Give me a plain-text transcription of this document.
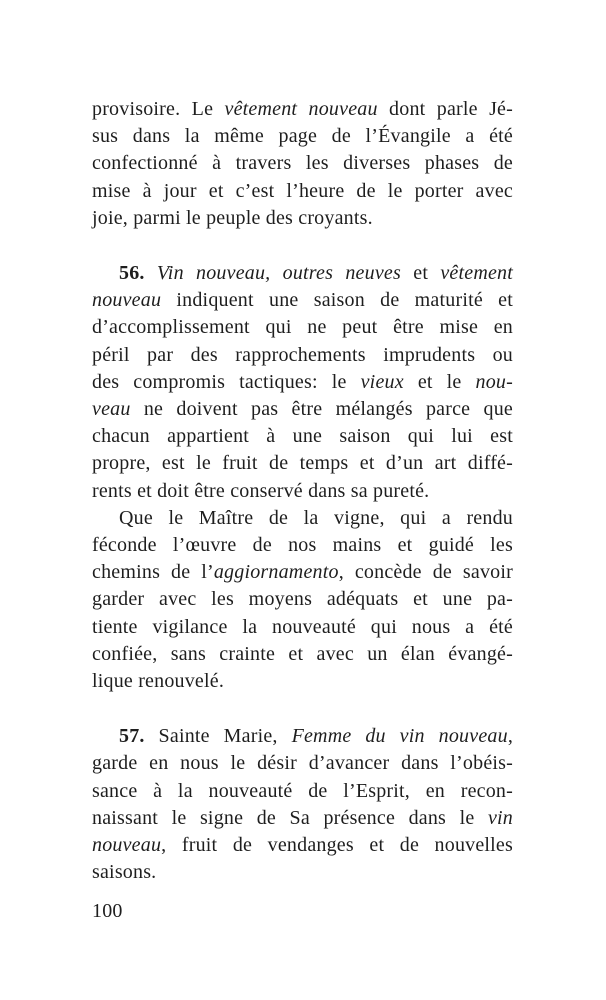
provisoire. Le vêtement nouveau dont parle Jé-
sus dans la même page de l’Évangile a été
confectionné à travers les diverses phases de
mise à jour et c’est l’heure de le porter avec
joie, parmi le peuple des croyants.
56. Vin nouveau, outres neuves et vêtement
nouveau indiquent une saison de maturité et
d’accomplissement qui ne peut être mise en
péril par des rapprochements imprudents ou
des compromis tactiques: le vieux et le nou-
veau ne doivent pas être mélangés parce que
chacun appartient à une saison qui lui est
propre, est le fruit de temps et d’un art diffé-
rents et doit être conservé dans sa pureté.
Que le Maître de la vigne, qui a rendu
féconde l’œuvre de nos mains et guidé les
chemins de l’aggiornamento, concède de savoir
garder avec les moyens adéquats et une pa-
tiente vigilance la nouveauté qui nous a été
confiée, sans crainte et avec un élan évangé-
lique renouvelé.
57. Sainte Marie, Femme du vin nouveau,
garde en nous le désir d’avancer dans l’obéis-
sance à la nouveauté de l’Esprit, en recon-
naissant le signe de Sa présence dans le vin
nouveau, fruit de vendanges et de nouvelles
saisons.
100
